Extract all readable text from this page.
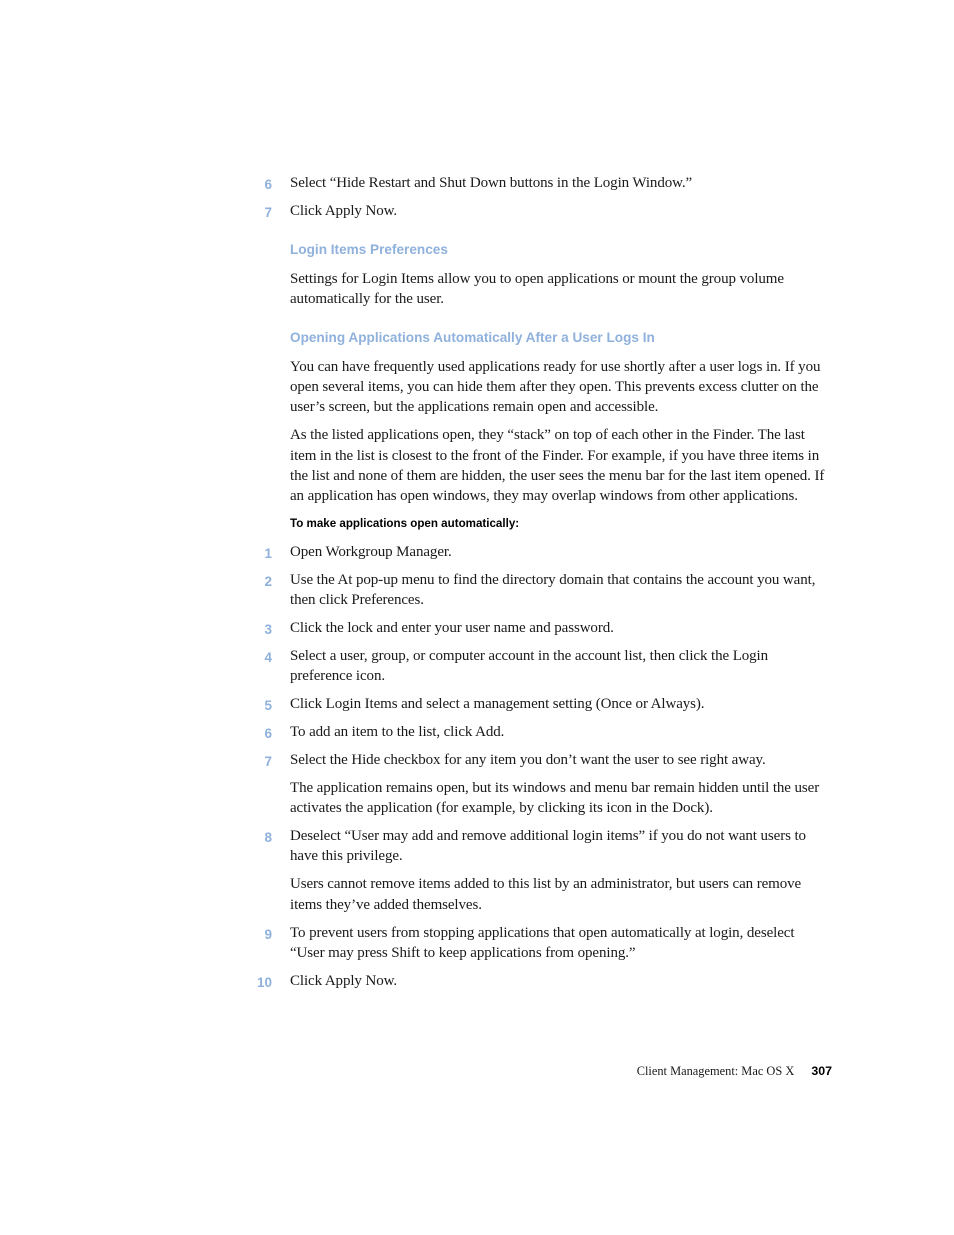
6 Select “Hide Restart and Shut Down buttons in the Login Window.”

7 Click Apply Now.

Login Items Preferences

Settings for Login Items allow you to open applications or mount the group volume automatically for the user.

Opening Applications Automatically After a User Logs In

You can have frequently used applications ready for use shortly after a user logs in. If you open several items, you can hide them after they open. This prevents excess clutter on the user’s screen, but the applications remain open and accessible.

As the listed applications open, they “stack” on top of each other in the Finder. The last item in the list is closest to the front of the Finder. For example, if you have three items in the list and none of them are hidden, the user sees the menu bar for the last item opened. If an application has open windows, they may overlap windows from other applications.

To make applications open automatically:
1 Open Workgroup Manager.

2 Use the At pop-up menu to find the directory domain that contains the account you want, then click Preferences.

3 Click the lock and enter your user name and password.

4 Select a user, group, or computer account in the account list, then click the Login preference icon.

5 Click Login Items and select a management setting (Once or Always).

6 To add an item to the list, click Add.

7 Select the Hide checkbox for any item you don’t want the user to see right away.

The application remains open, but its windows and menu bar remain hidden until the user activates the application (for example, by clicking its icon in the Dock).

8 Deselect “User may add and remove additional login items” if you do not want users to have this privilege.

Users cannot remove items added to this list by an administrator, but users can remove items they’ve added themselves.

9 To prevent users from stopping applications that open automatically at login, deselect “User may press Shift to keep applications from opening.”

10 Click Apply Now.

Client Management: Mac OS X 307
